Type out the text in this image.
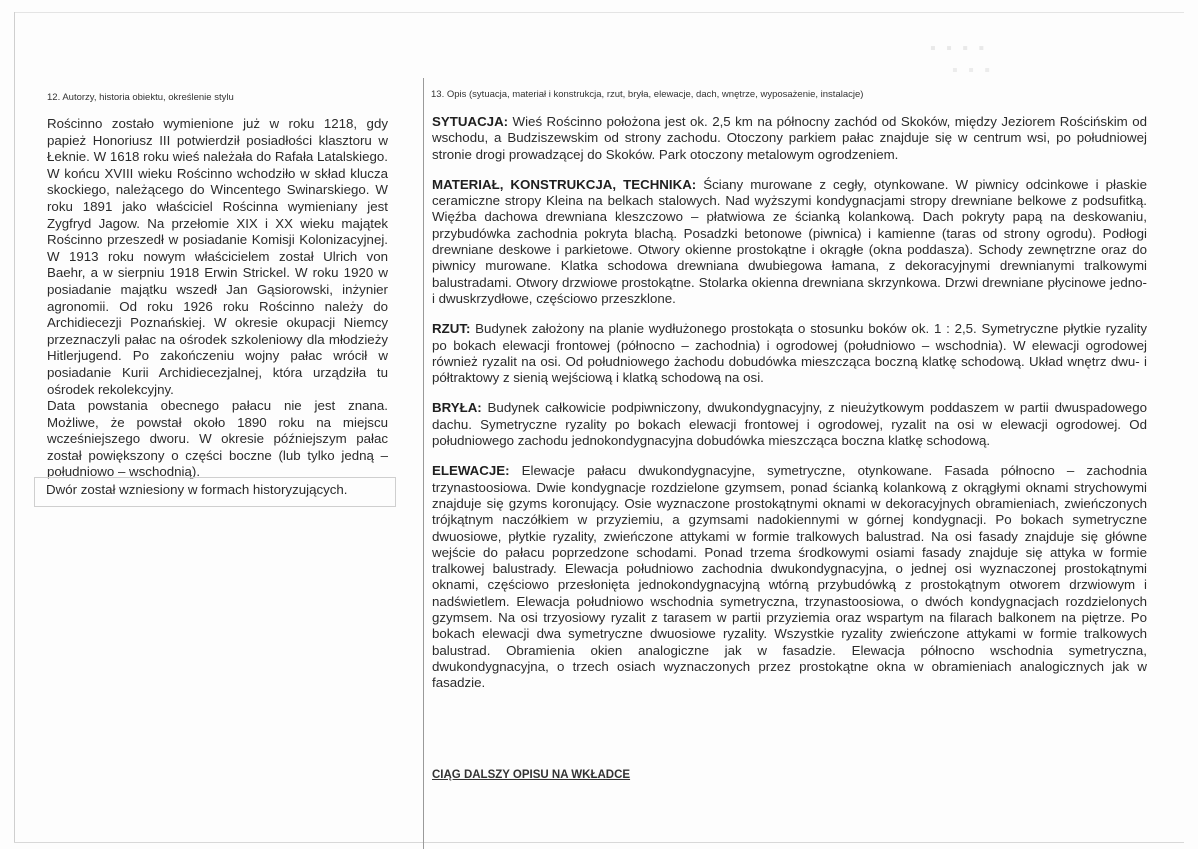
▪ ▪ ▪ ▪
▪ ▪ ▪
12. Autorzy, historia obiektu, określenie stylu

Rościnno zostało wymienione już w roku 1218, gdy papież Honoriusz III potwierdził posiadłości klasztoru w Łeknie. W 1618 roku wieś należała do Rafała Latalskiego. W końcu XVIII wieku Rościnno wchodziło w skład klucza skockiego, należącego do Wincentego Swinarskiego. W roku 1891 jako właściciel Rościnna wymieniany jest Zygfryd Jagow. Na przełomie XIX i XX wieku majątek Rościnno przeszedł w posiadanie Komisji Kolonizacyjnej. W 1913 roku nowym właścicielem został Ulrich von Baehr, a w sierpniu 1918 Erwin Strickel. W roku 1920 w posiadanie majątku wszedł Jan Gąsiorowski, inżynier agronomii. Od roku 1926 roku Rościnno należy do Archidiecezji Poznańskiej. W okresie okupacji Niemcy przeznaczyli pałac na ośrodek szkoleniowy dla młodzieży Hitlerjugend. Po zakończeniu wojny pałac wrócił w posiadanie Kurii Archidiecezjalnej, która urządziła tu ośrodek rekolekcyjny.

Data powstania obecnego pałacu nie jest znana. Możliwe, że powstał około 1890 roku na miejscu wcześniejszego dworu. W okresie późniejszym pałac został powiększony o części boczne (lub tylko jedną – południowo – wschodnią).

Dwór został wzniesiony w formach historyzujących.
13. Opis (sytuacja, materiał i konstrukcja, rzut, bryła, elewacje, dach, wnętrze, wyposażenie, instalacje)

SYTUACJA: Wieś Rościnno położona jest ok. 2,5 km na północny zachód od Skoków, między Jeziorem Rościńskim od wschodu, a Budziszewskim od strony zachodu. Otoczony parkiem pałac znajduje się w centrum wsi, po południowej stronie drogi prowadzącej do Skoków. Park otoczony metalowym ogrodzeniem.

MATERIAŁ, KONSTRUKCJA, TECHNIKA: Ściany murowane z cegły, otynkowane. W piwnicy odcinkowe i płaskie ceramiczne stropy Kleina na belkach stalowych. Nad wyższymi kondygnacjami stropy drewniane belkowe z podsufitką. Więźba dachowa drewniana kleszczowo – płatwiowa ze ścianką kolankową. Dach pokryty papą na deskowaniu, przybudówka zachodnia pokryta blachą. Posadzki betonowe (piwnica) i kamienne (taras od strony ogrodu). Podłogi drewniane deskowe i parkietowe. Otwory okienne prostokątne i okrągłe (okna poddasza). Schody zewnętrzne oraz do piwnicy murowane. Klatka schodowa drewniana dwubiegowa łamana, z dekoracyjnymi drewnianymi tralkowymi balustradami. Otwory drzwiowe prostokątne. Stolarka okienna drewniana skrzynkowa. Drzwi drewniane płycinowe jedno- i dwuskrzydłowe, częściowo przeszklone.

RZUT: Budynek założony na planie wydłużonego prostokąta o stosunku boków ok. 1 : 2,5. Symetryczne płytkie ryzality po bokach elewacji frontowej (północno – zachodnia) i ogrodowej (południowo – wschodnia). W elewacji ogrodowej również ryzalit na osi. Od południowego żachodu dobudówka mieszcząca boczną klatkę schodową. Układ wnętrz dwu- i półtraktowy z sienią wejściową i klatką schodową na osi.

BRYŁA: Budynek całkowicie podpiwniczony, dwukondygnacyjny, z nieużytkowym poddaszem w partii dwuspadowego dachu. Symetryczne ryzality po bokach elewacji frontowej i ogrodowej, ryzalit na osi w elewacji ogrodowej. Od południowego zachodu jednokondygnacyjna dobudówka mieszcząca boczna klatkę schodową.

ELEWACJE: Elewacje pałacu dwukondygnacyjne, symetryczne, otynkowane. Fasada północno – zachodnia trzynastoosiowa. Dwie kondygnacje rozdzielone gzymsem, ponad ścianką kolankową z okrągłymi oknami strychowymi znajduje się gzyms koronujący. Osie wyznaczone prostokątnymi oknami w dekoracyjnych obramieniach, zwieńczonych trójkątnym naczółkiem w przyziemiu, a gzymsami nadokiennymi w górnej kondygnacji. Po bokach symetryczne dwuosiowe, płytkie ryzality, zwieńczone attykami w formie tralkowych balustrad. Na osi fasady znajduje się główne wejście do pałacu poprzedzone schodami. Ponad trzema środkowymi osiami fasady znajduje się attyka w formie tralkowej balustrady. Elewacja południowo zachodnia dwukondygnacyjna, o jednej osi wyznaczonej prostokątnymi oknami, częściowo przesłonięta jednokondygnacyjną wtórną przybudówką z prostokątnym otworem drzwiowym i nadświetlem. Elewacja południowo wschodnia symetryczna, trzynastoosiowa, o dwóch kondygnacjach rozdzielonych gzymsem. Na osi trzyosiowy ryzalit z tarasem w partii przyziemia oraz wspartym na filarach balkonem na piętrze. Po bokach elewacji dwa symetryczne dwuosiowe ryzality. Wszystkie ryzality zwieńczone attykami w formie tralkowych balustrad. Obramienia okien analogiczne jak w fasadzie. Elewacja północno wschodnia symetryczna, dwukondygnacyjna, o trzech osiach wyznaczonych przez prostokątne okna w obramieniach analogicznych jak w fasadzie.

CIĄG DALSZY OPISU NA WKŁADCE
